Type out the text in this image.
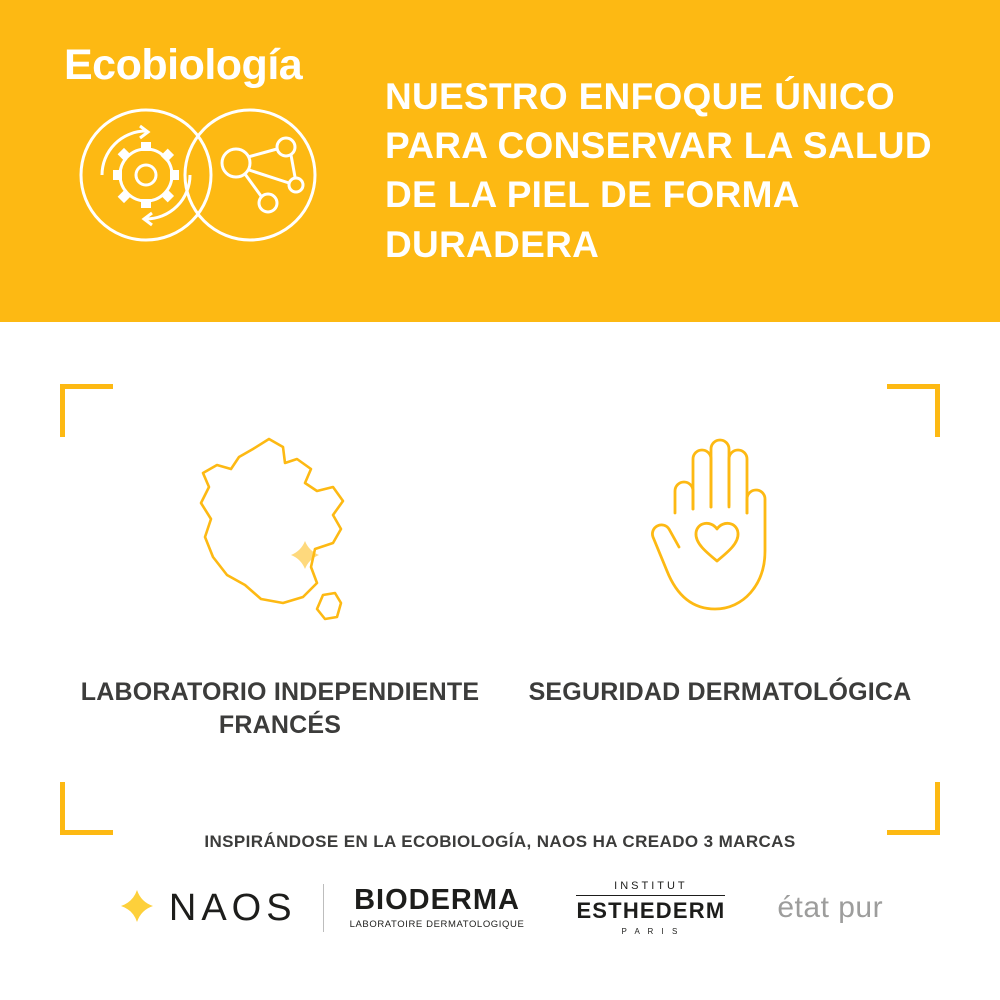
Ecobiología
NUESTRO ENFOQUE ÚNICO PARA CONSERVAR LA SALUD DE LA PIEL DE FORMA DURADERA
LABORATORIO INDEPENDIENTE FRANCÉS
SEGURIDAD DERMATOLÓGICA
INSPIRÁNDOSE EN LA ECOBIOLOGÍA, NAOS HA CREADO 3 MARCAS
NAOS BIODERMA
LABORATOIRE DERMATOLOGIQUE
INSTITUT
ESTHEDERM
P A R I S
état pur
